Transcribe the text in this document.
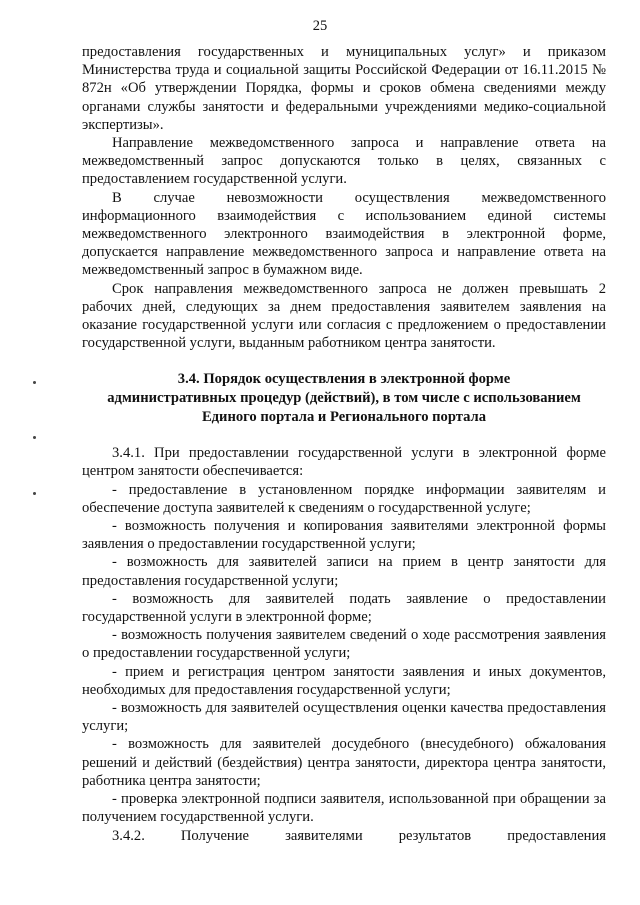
25

предоставления государственных и муниципальных услуг» и приказом Министерства труда и социальной защиты Российской Федерации от 16.11.2015 № 872н «Об утверждении Порядка, формы и сроков обмена сведениями между органами службы занятости и федеральными учреждениями медико-социальной экспертизы».

Направление межведомственного запроса и направление ответа на межведомственный запрос допускаются только в целях, связанных с предоставлением государственной услуги.

В случае невозможности осуществления межведомственного информационного взаимодействия с использованием единой системы межведомственного электронного взаимодействия в электронной форме, допускается направление межведомственного запроса и направление ответа на межведомственный запрос в бумажном виде.

Срок направления межведомственного запроса не должен превышать 2 рабочих дней, следующих за днем предоставления заявителем заявления на оказание государственной услуги или согласия с предложением о предоставлении государственной услуги, выданным работником центра занятости.

3.4. Порядок осуществления в электронной форме
административных процедур (действий), в том числе с использованием
Единого портала и Регионального портала

3.4.1. При предоставлении государственной услуги в электронной форме центром занятости обеспечивается:

- предоставление в установленном порядке информации заявителям и обеспечение доступа заявителей к сведениям о государственной услуге;

- возможность получения и копирования заявителями электронной формы заявления о предоставлении государственной услуги;

- возможность для заявителей записи на прием в центр занятости для предоставления государственной услуги;

- возможность для заявителей подать заявление о предоставлении государственной услуги в электронной форме;

- возможность получения заявителем сведений о ходе рассмотрения заявления о предоставлении государственной услуги;

- прием и регистрация центром занятости заявления и иных документов, необходимых для предоставления государственной услуги;

- возможность для заявителей осуществления оценки качества предоставления услуги;

- возможность для заявителей досудебного (внесудебного) обжалования решений и действий (бездействия) центра занятости, директора центра занятости, работника центра занятости;

- проверка электронной подписи заявителя, использованной при обращении за получением государственной услуги.

3.4.2. Получение заявителями результатов предоставления
